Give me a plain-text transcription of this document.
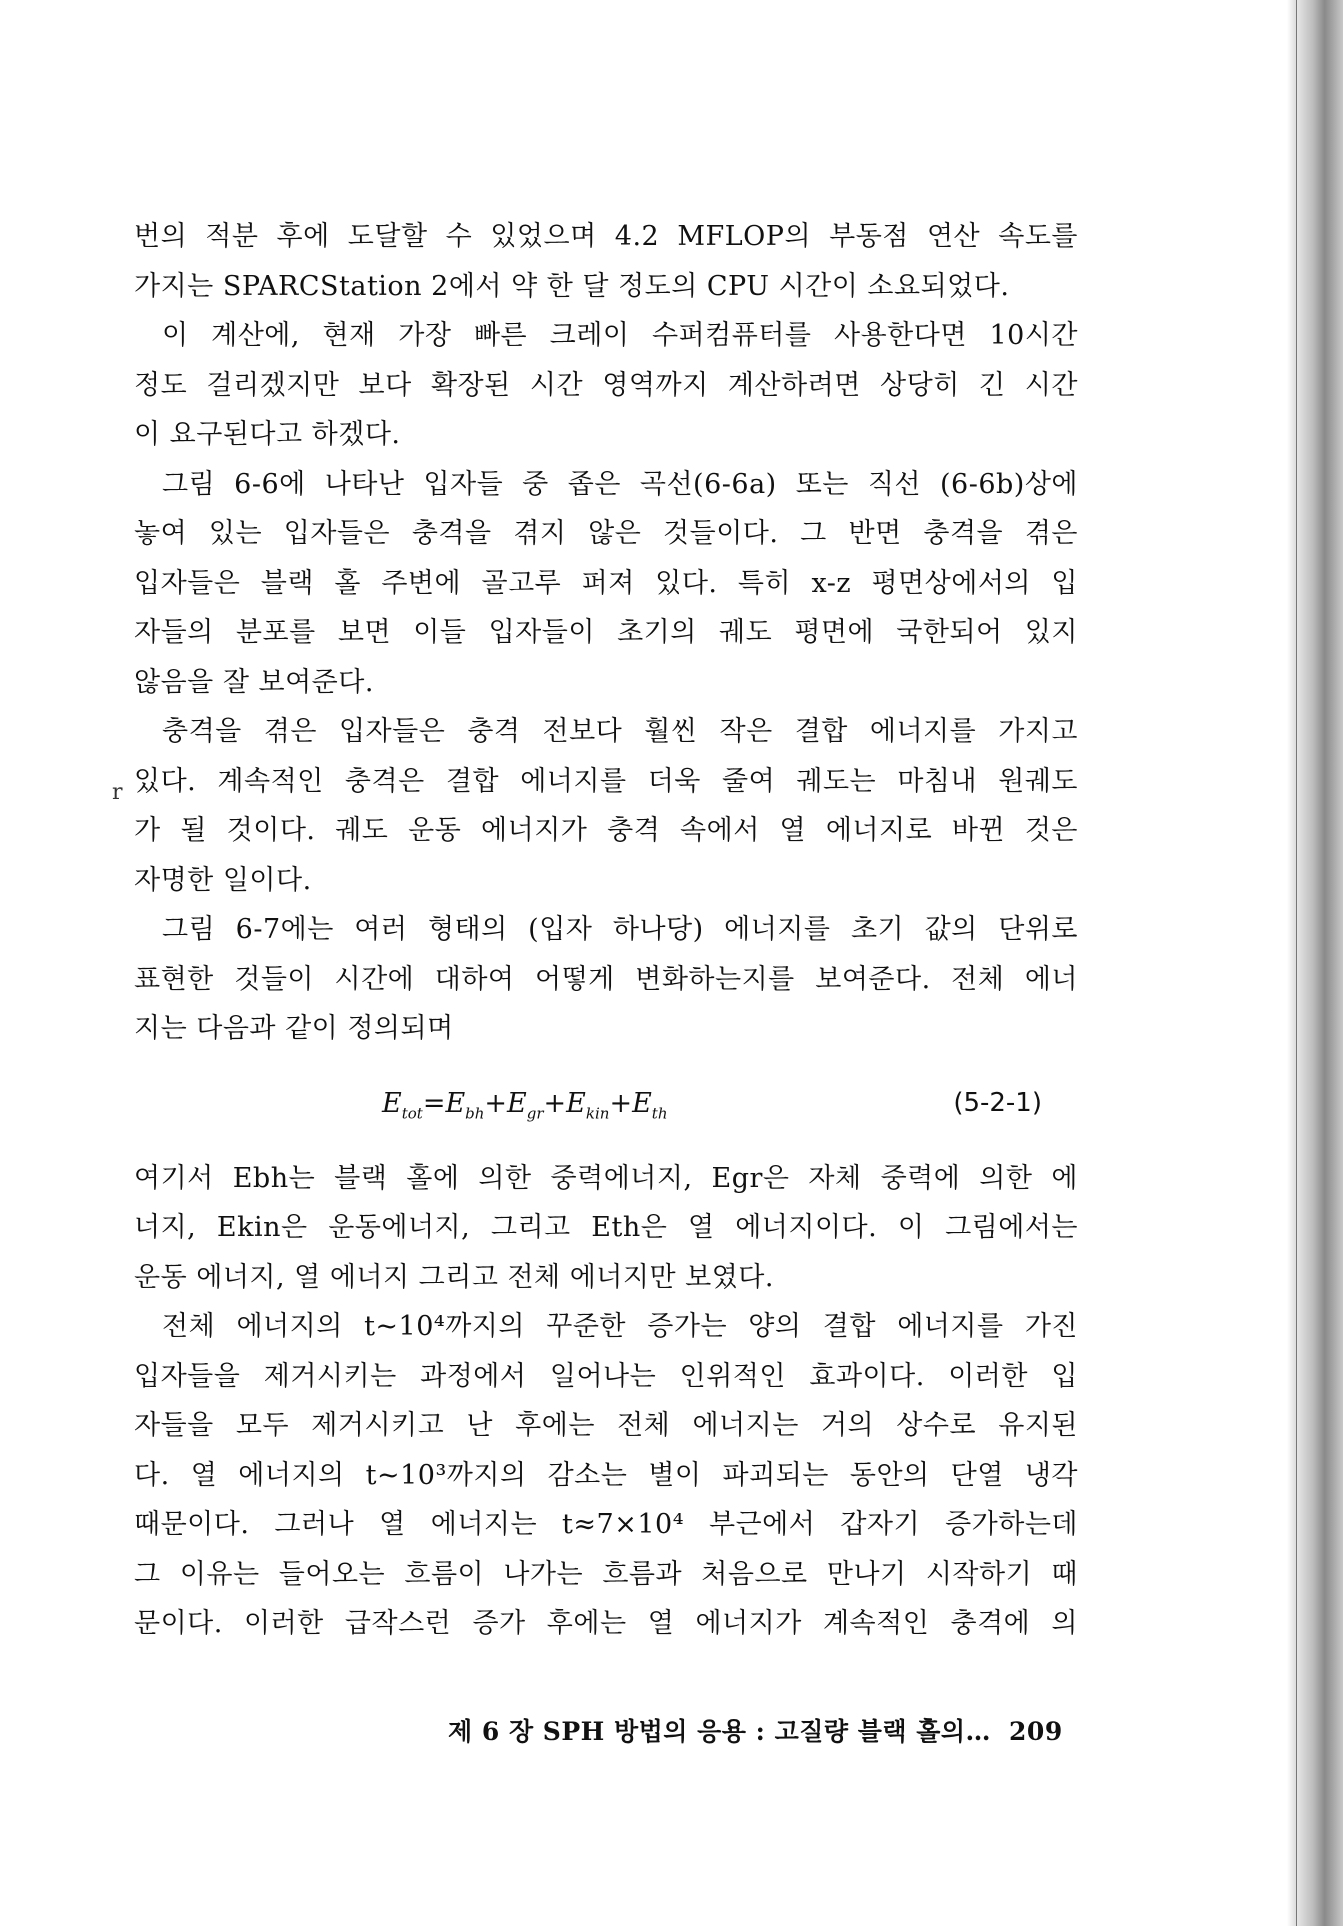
r
번의 적분 후에 도달할 수 있었으며 4.2 MFLOP의 부동점 연산 속도를
가지는 SPARCStation 2에서 약 한 달 정도의 CPU 시간이 소요되었다.
이 계산에, 현재 가장 빠른 크레이 수퍼컴퓨터를 사용한다면 10시간
정도 걸리겠지만 보다 확장된 시간 영역까지 계산하려면 상당히 긴 시간
이 요구된다고 하겠다.
그림 6-6에 나타난 입자들 중 좁은 곡선(6-6a) 또는 직선 (6-6b)상에
놓여 있는 입자들은 충격을 겪지 않은 것들이다. 그 반면 충격을 겪은
입자들은 블랙 홀 주변에 골고루 퍼져 있다. 특히 x-z 평면상에서의 입
자들의 분포를 보면 이들 입자들이 초기의 궤도 평면에 국한되어 있지
않음을 잘 보여준다.
충격을 겪은 입자들은 충격 전보다 훨씬 작은 결합 에너지를 가지고
있다. 계속적인 충격은 결합 에너지를 더욱 줄여 궤도는 마침내 원궤도
가 될 것이다. 궤도 운동 에너지가 충격 속에서 열 에너지로 바뀐 것은
자명한 일이다.
그림 6-7에는 여러 형태의 (입자 하나당) 에너지를 초기 값의 단위로
표현한 것들이 시간에 대하여 어떻게 변화하는지를 보여준다. 전체 에너
지는 다음과 같이 정의되며
$E_{tot}=E_{bh}+E_{gr}+E_{kin}+E_{th}$	(5-2-1)
여기서 Ebh는 블랙 홀에 의한 중력에너지, Egr은 자체 중력에 의한 에
너지, Ekin은 운동에너지, 그리고 Eth은 열 에너지이다. 이 그림에서는
운동 에너지, 열 에너지 그리고 전체 에너지만 보였다.
전체 에너지의 t~10⁴까지의 꾸준한 증가는 양의 결합 에너지를 가진
입자들을 제거시키는 과정에서 일어나는 인위적인 효과이다. 이러한 입
자들을 모두 제거시키고 난 후에는 전체 에너지는 거의 상수로 유지된
다. 열 에너지의 t~10³까지의 감소는 별이 파괴되는 동안의 단열 냉각
때문이다. 그러나 열 에너지는 t≈7×10⁴ 부근에서 갑자기 증가하는데
그 이유는 들어오는 흐름이 나가는 흐름과 처음으로 만나기 시작하기 때
문이다. 이러한 급작스런 증가 후에는 열 에너지가 계속적인 충격에 의
제 6 장 SPH 방법의 응용 : 고질량 블랙 홀의… 209
